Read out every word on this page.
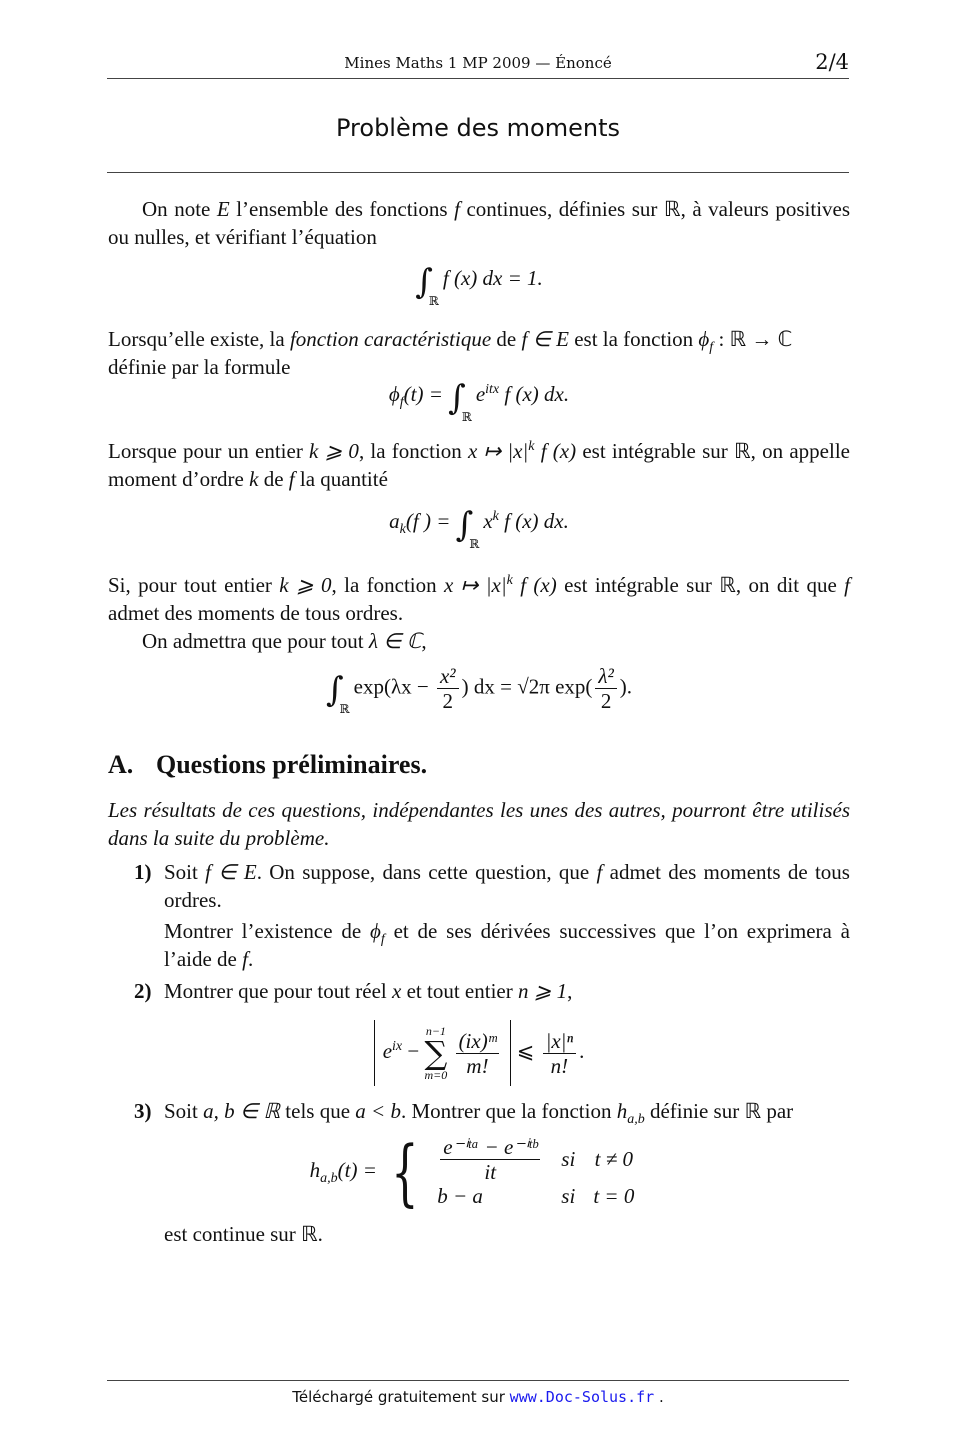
Mines Maths 1 MP 2009 — Énoncé	2/4
Problème des moments
On note E l’ensemble des fonctions f continues, définies sur ℝ, à valeurs positives ou nulles, et vérifiant l’équation
$\int_ℝf$ (x) dx = 1.
Lorsqu’elle existe, la fonction caractéristique de f ∈ E est la fonction $\phi_f$ : ℝ → ℂ
définie par la formule
$\phi_f(t) = \int_ℝe^{itx}$ f (x) dx.
Lorsque pour un entier k ⩾ 0, la fonction x ↦ $|x|^k$ f (x) est intégrable sur ℝ, on appelle moment d’ordre k de f la quantité
$a_k(f$ ) = $\int_ℝx^k$ f (x) dx.
Si, pour tout entier k ⩾ 0, la fonction x ↦ $|x|^k$ f (x) est intégrable sur ℝ, on dit que f admet des moments de tous ordres.
On admettra que pour tout λ ∈ ℂ,
$\int_ℝ\exp(\lambda x - \frac{\text{x²}}{2}$ ) dx = √2π $\exp( \frac{\text{λ²}}{2}$ ).
A. Questions préliminaires.
Les résultats de ces questions, indépendantes les unes des autres, pourront être utilisés dans la suite du problème.
1) Soit f ∈ E. On suppose, dans cette question, que f admet des moments de tous ordres.
Montrer l’existence de $\phi_f$ et de ses dérivées successives que l’on exprimera à l’aide de f.
2) Montrer que pour tout réel x et tout entier n ⩾ 1,
$e^{ix} - n-1$
∑
$m=0 \frac{\text{(ix)ᵐ}}{m!}$ ⩽ $\frac{\text{|x|ⁿ}}{n!}$ .
3) Soit a, b ∈ ℝ tels que a < b. Montrer que la fonction $h_{a,b}$ définie sur ℝ par
$h_{a,b}(t)$ = { $\frac{\text{e⁻ⁱᵗᵃ − e⁻ⁱᵗᵇ}}{it}$	si	t ≠ 0
b − a	si	t = 0
est continue sur ℝ.
Téléchargé gratuitement sur www.Doc-Solus.fr .
